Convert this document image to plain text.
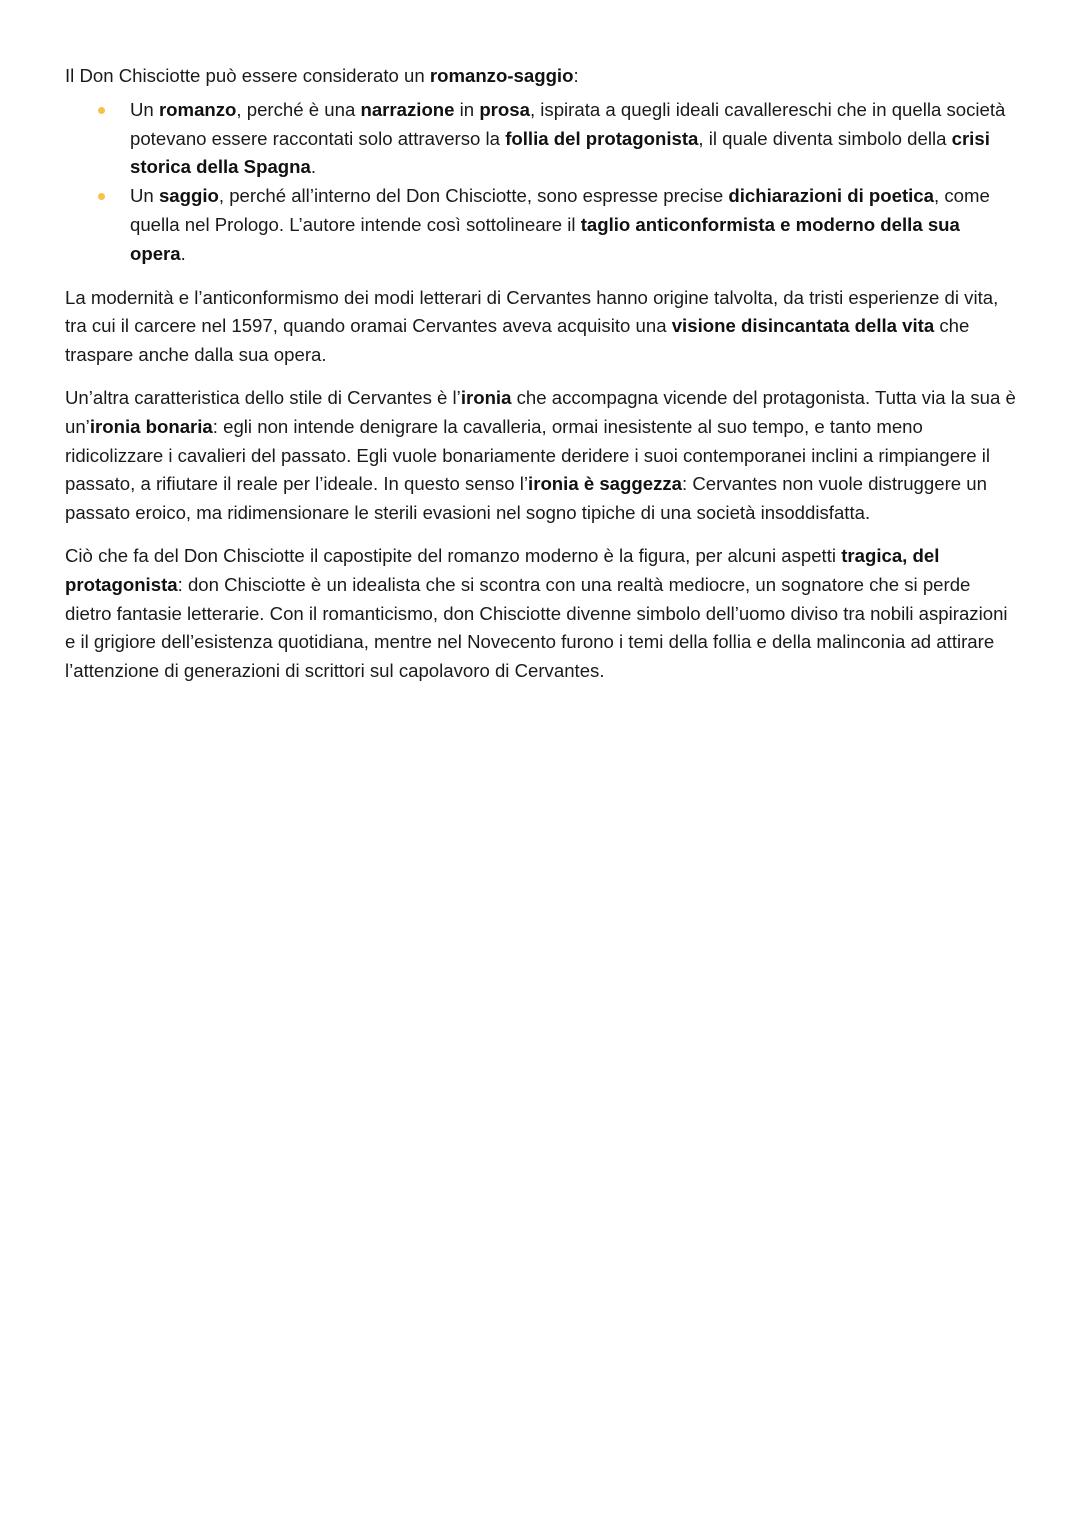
Il Don Chisciotte può essere considerato un romanzo-saggio:

Un romanzo, perché è una narrazione in prosa, ispirata a quegli ideali cavallereschi che in quella società potevano essere raccontati solo attraverso la follia del protagonista, il quale diventa simbolo della crisi storica della Spagna.
Un saggio, perché all’interno del Don Chisciotte, sono espresse precise dichiarazioni di poetica, come quella nel Prologo. L’autore intende così sottolineare il taglio anticonformista e moderno della sua opera.

La modernità e l’anticonformismo dei modi letterari di Cervantes hanno origine talvolta, da tristi esperienze di vita, tra cui il carcere nel 1597, quando oramai Cervantes aveva acquisito una visione disincantata della vita che traspare anche dalla sua opera.

Un’altra caratteristica dello stile di Cervantes è l’ironia che accompagna vicende del protagonista. Tutta via la sua è un’ironia bonaria: egli non intende denigrare la cavalleria, ormai inesistente al suo tempo, e tanto meno ridicolizzare i cavalieri del passato. Egli vuole bonariamente deridere i suoi contemporanei inclini a rimpiangere il passato, a rifiutare il reale per l’ideale. In questo senso l’ironia è saggezza: Cervantes non vuole distruggere un passato eroico, ma ridimensionare le sterili evasioni nel sogno tipiche di una società insoddisfatta.

Ciò che fa del Don Chisciotte il capostipite del romanzo moderno è la figura, per alcuni aspetti tragica, del protagonista: don Chisciotte è un idealista che si scontra con una realtà mediocre, un sognatore che si perde dietro fantasie letterarie. Con il romanticismo, don Chisciotte divenne simbolo dell’uomo diviso tra nobili aspirazioni e il grigiore dell’esistenza quotidiana, mentre nel Novecento furono i temi della follia e della malinconia ad attirare l’attenzione di generazioni di scrittori sul capolavoro di Cervantes.
